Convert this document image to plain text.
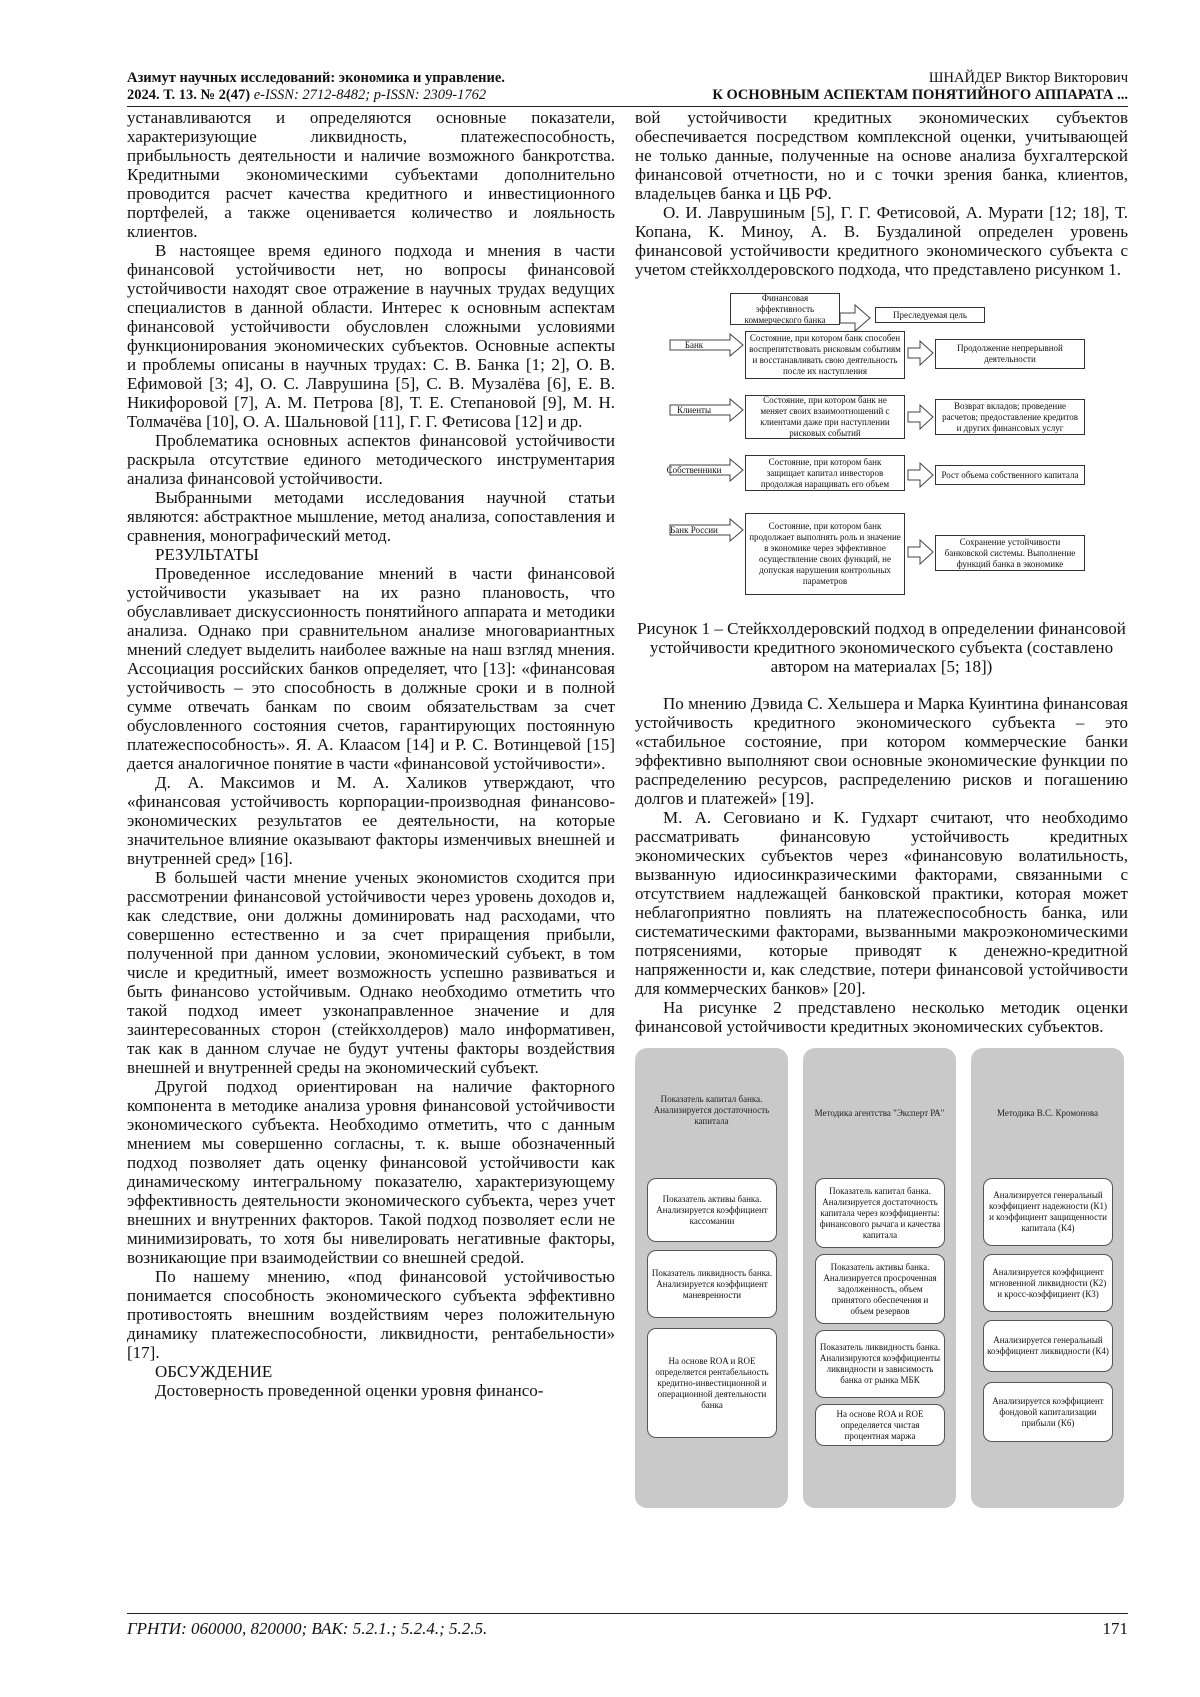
Азимут научных исследований: экономика и управление.
2024. Т. 13. № 2(47) e-ISSN: 2712-8482; p-ISSN: 2309-1762
ШНАЙДЕР Виктор Викторович
К ОСНОВНЫМ АСПЕКТАМ ПОНЯТИЙНОГО АППАРАТА ...

устанавливаются и определяются основные показатели, характеризующие ликвидность, платежеспособность, прибыльность деятельности и наличие возможного банкротства. Кредитными экономическими субъектами дополнительно проводится расчет качества кредитного и инвестиционного портфелей, а также оценивается количество и лояльность клиентов.

В настоящее время единого подхода и мнения в части финансовой устойчивости нет, но вопросы финансовой устойчивости находят свое отражение в научных трудах ведущих специалистов в данной области. Интерес к основным аспектам финансовой устойчивости обусловлен сложными условиями функционирования экономических субъектов. Основные аспекты и проблемы описаны в научных трудах: С. В. Банка [1; 2], О. В. Ефимовой [3; 4], О. С. Лаврушина [5], С. В. Музалёва [6], Е. В. Никифоровой [7], А. М. Петрова [8], Т. Е. Степановой [9], М. Н. Толмачёва [10], О. А. Шальновой [11], Г. Г. Фетисова [12] и др.

Проблематика основных аспектов финансовой устойчивости раскрыла отсутствие единого методического инструментария анализа финансовой устойчивости.

Выбранными методами исследования научной статьи являются: абстрактное мышление, метод анализа, сопоставления и сравнения, монографический метод.

РЕЗУЛЬТАТЫ

Проведенное исследование мнений в части финансовой устойчивости указывает на их разно плановость, что обуславливает дискуссионность понятийного аппарата и методики анализа. Однако при сравнительном анализе многовариантных мнений следует выделить наиболее важные на наш взгляд мнения. Ассоциация российских банков определяет, что [13]: «финансовая устойчивость – это способность в должные сроки и в полной сумме отвечать банкам по своим обязательствам за счет обусловленного состояния счетов, гарантирующих постоянную платежеспособность». Я. А. Клаасом [14] и Р. С. Вотинцевой [15] дается аналогичное понятие в части «финансовой устойчивости».

Д. А. Максимов и М. А. Халиков утверждают, что «финансовая устойчивость корпорации-производная финансово-экономических результатов ее деятельности, на которые значительное влияние оказывают факторы изменчивых внешней и внутренней сред» [16].

В большей части мнение ученых экономистов сходится при рассмотрении финансовой устойчивости через уровень доходов и, как следствие, они должны доминировать над расходами, что совершенно естественно и за счет приращения прибыли, полученной при данном условии, экономический субъект, в том числе и кредитный, имеет возможность успешно развиваться и быть финансово устойчивым. Однако необходимо отметить что такой подход имеет узконаправленное значение и для заинтересованных сторон (стейкхолдеров) мало информативен, так как в данном случае не будут учтены факторы воздействия внешней и внутренней среды на экономический субъект.

Другой подход ориентирован на наличие факторного компонента в методике анализа уровня финансовой устойчивости экономического субъекта. Необходимо отметить, что с данным мнением мы совершенно согласны, т. к. выше обозначенный подход позволяет дать оценку финансовой устойчивости как динамическому интегральному показателю, характеризующему эффективность деятельности экономического субъекта, через учет внешних и внутренних факторов. Такой подход позволяет если не минимизировать, то хотя бы нивелировать негативные факторы, возникающие при взаимодействии со внешней средой.

По нашему мнению, «под финансовой устойчивостью понимается способность экономического субъекта эффективно противостоять внешним воздействиям через положительную динамику платежеспособности, ликвидности, рентабельности» [17].

ОБСУЖДЕНИЕ

Достоверность проведенной оценки уровня финансо-

вой устойчивости кредитных экономических субъектов обеспечивается посредством комплексной оценки, учитывающей не только данные, полученные на основе анализа бухгалтерской финансовой отчетности, но и с точки зрения банка, клиентов, владельцев банка и ЦБ РФ.

О. И. Лаврушиным [5], Г. Г. Фетисовой, А. Мурати [12; 18], Т. Копана, К. Миноу, А. В. Буздалиной определен уровень финансовой устойчивости кредитного экономического субъекта с учетом стейкхолдеровского подхода, что представлено рисунком 1.

Финансовая эффективность коммерческого банка	Преследуемая цель
Банк
Состояние, при котором банк способен воспрепятствовать рисковым событиям и восстанавливать свою деятельность после их наступления
Продолжение непрерывной деятельности
Клиенты
Состояние, при котором банк не меняет своих взаимоотношений с клиентами даже при наступлении рисковых событий
Возврат вкладов; проведение расчетов; предоставление кредитов и других финансовых услуг
Собственники
Состояние, при котором банк защищает капитал инвесторов продолжая наращивать его объем
Рост объема собственного капитала
Банк России	Состояние, при котором банк продолжает выполнять роль и значение в экономике через эффективное осуществление своих функций, не допуская нарушения контрольных параметров
Сохранение устойчивости банковской системы. Выполнение функций банка в экономике
Рисунок 1 – Стейкхолдеровский подход в определении финансовой устойчивости кредитного экономического субъекта (составлено автором на материалах [5; 18])

По мнению Дэвида С. Хельшера и Марка Куинтина финансовая устойчивость кредитного экономического субъекта – это «стабильное состояние, при котором коммерческие банки эффективно выполняют свои основные экономические функции по распределению ресурсов, распределению рисков и погашению долгов и платежей» [19].

М. А. Сеговиано и К. Гудхарт считают, что необходимо рассматривать финансовую устойчивость кредитных экономических субъектов через «финансовую волатильность, вызванную идиосинкразическими факторами, связанными с отсутствием надлежащей банковской практики, которая может неблагоприятно повлиять на платежеспособность банка, или систематическими факторами, вызванными макроэкономическими потрясениями, которые приводят к денежно-кредитной напряженности и, как следствие, потери финансовой устойчивости для коммерческих банков» [20].

На рисунке 2 представлено несколько методик оценки финансовой устойчивости кредитных экономических субъектов.

Показатель капитал банка. Анализируется достаточность капитала
Методика агентства "Эксперт РА"	Методика В.С. Кромонова
Показатель активы банка. Анализируется коэффициент кассомании
Показатель ликвидность банка. Анализируется коэффициент маневренности
На основе ROA и ROE определяется рентабельность кредитно-инвестиционной и операционной деятельности банка
Показатель капитал банка. Анализируется достаточность капитала через коэффициенты: финансового рычага и качества капитала
Показатель активы банка. Анализируется просроченная задолженность, объем принятого обеспечения и объем резервов
Показатель ликвидность банка. Анализируются коэффициенты ликвидности и зависимость банка от рынка МБК
На основе ROA и ROE определяется чистая процентная маржа
Анализируется генеральный коэффициент надежности (К1) и коэффициент защищенности капитала (К4)
Анализируется коэффициент мгновенной ликвидности (К2) и кросс-коэффициент (К3)
Анализируется генеральный коэффициент ликвидности (К4)
Анализируется коэффициент фондовой капитализации прибыли (К6)
ГРНТИ: 060000, 820000; ВАК: 5.2.1.; 5.2.4.; 5.2.5.	171
